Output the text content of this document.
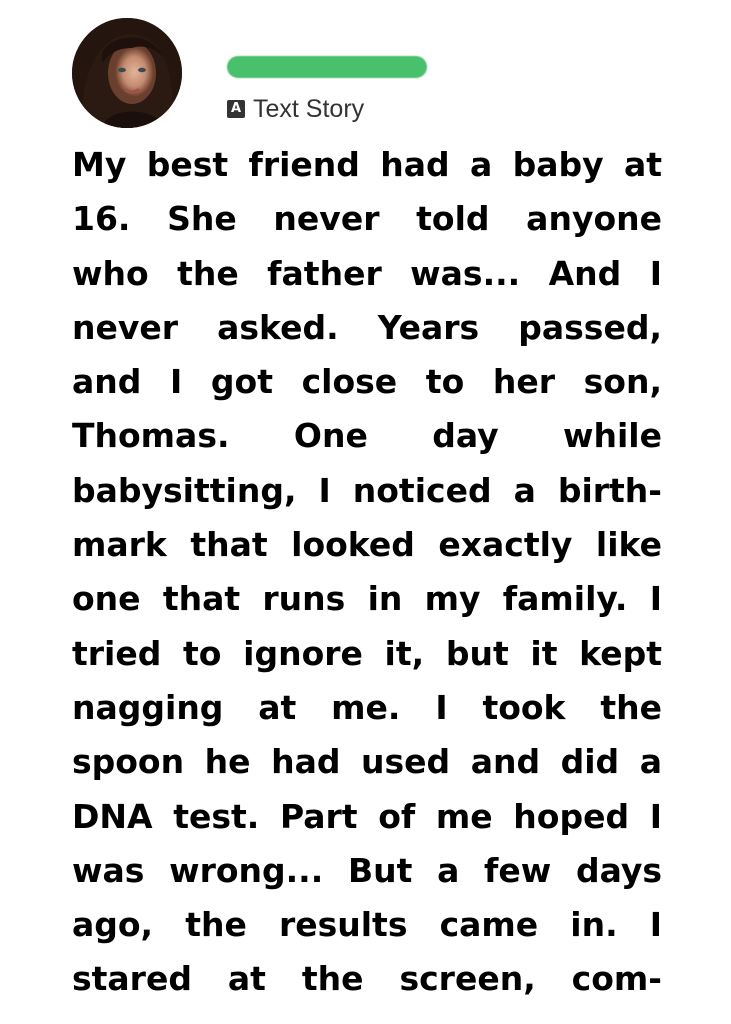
A Text Story
My best friend had a baby at
16. She never told anyone
who the father was... And I
never asked. Years passed,
and I got close to her son,
Thomas. One day while
babysitting, I noticed a birth-
mark that looked exactly like
one that runs in my family. I
tried to ignore it, but it kept
nagging at me. I took the
spoon he had used and did a
DNA test. Part of me hoped I
was wrong... But a few days
ago, the results came in. I
stared at the screen, com-
